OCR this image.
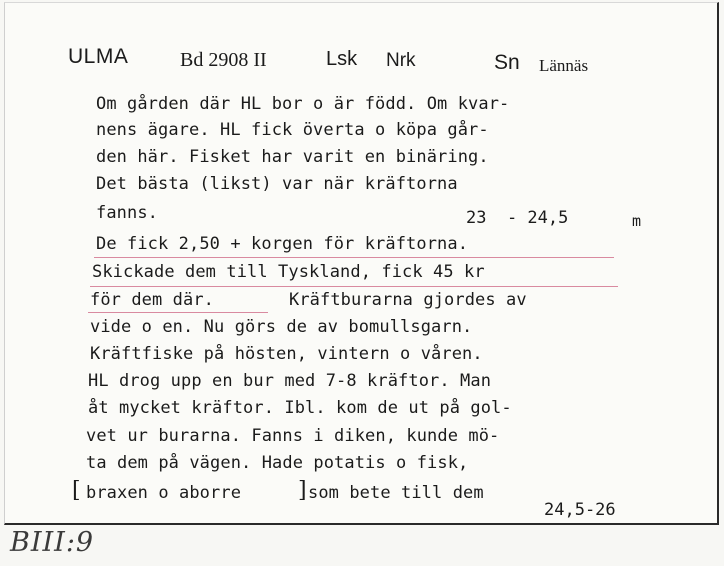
ULMA	Bd 2908 II	Lsk Nrk	Sn Lännäs
Om gården där HL bor o är född. Om kvar-
nens ägare. HL fick överta o köpa går-
den här. Fisket har varit en binäring.
Det bästa (likst) var när kräftorna
fanns.	23  - 24,5	m
De fick 2,50 + korgen för kräftorna.
Skickade dem till Tyskland, fick 45 kr
för dem där.	Kräftburarna gjordes av
vide o en. Nu görs de av bomullsgarn.
Kräftfiske på hösten, vintern o våren.
HL drog upp en bur med 7-8 kräftor. Man
åt mycket kräftor. Ibl. kom de ut på gol-
vet ur burarna. Fanns i diken, kunde mö-
ta dem på vägen. Hade potatis o fisk,
[ braxen o aborre	] som bete till dem
24,5-26
BIII:9
